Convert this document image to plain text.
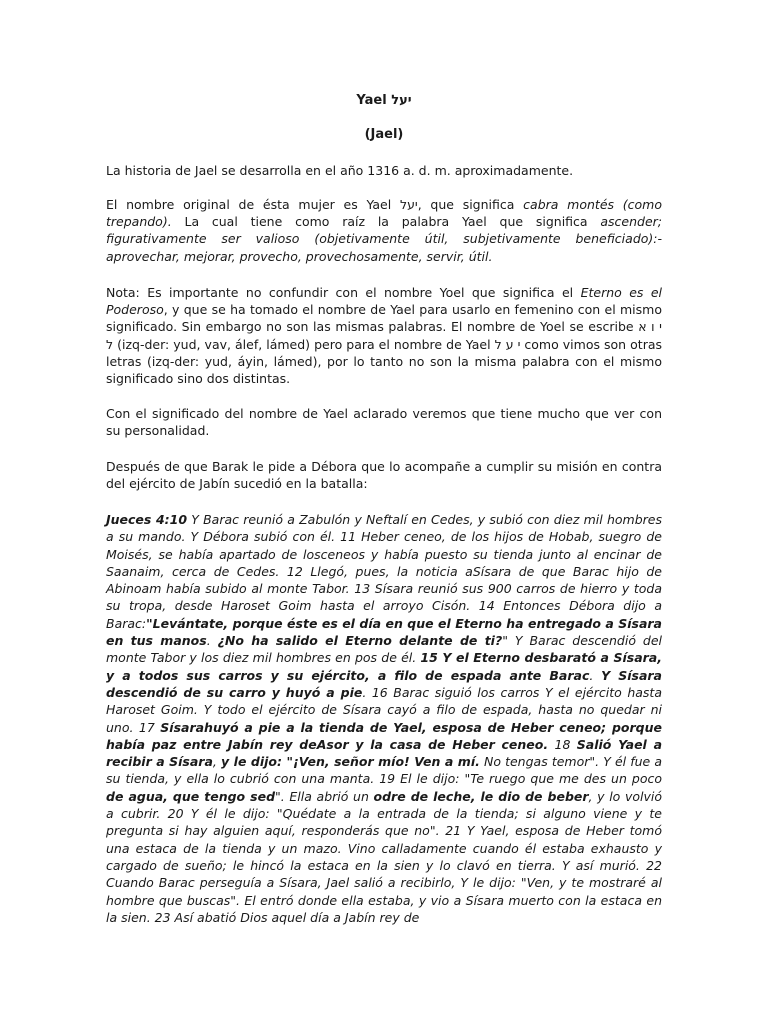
Yael יעל
(Jael)

La historia de Jael se desarrolla en el año 1316 a. d. m. aproximadamente.

El nombre original de ésta mujer es Yael יעל, que significa cabra montés (como trepando). La cual tiene como raíz la palabra Yael que significa ascender; figurativamente ser valioso (objetivamente útil, subjetivamente beneficiado):-aprovechar, mejorar, provecho, provechosamente, servir, útil.

Nota: Es importante no confundir con el nombre Yoel que significa el Eterno es el Poderoso, y que se ha tomado el nombre de Yael para usarlo en femenino con el mismo significado. Sin embargo no son las mismas palabras. El nombre de Yoel se escribe י ו א ל (izq-der: yud, vav, álef, lámed) pero para el nombre de Yael י ע ל como vimos son otras letras (izq-der: yud, áyin, lámed), por lo tanto no son la misma palabra con el mismo significado sino dos distintas.

Con el significado del nombre de Yael aclarado veremos que tiene mucho que ver con su personalidad.

Después de que Barak le pide a Débora que lo acompañe a cumplir su misión en contra del ejército de Jabín sucedió en la batalla:

Jueces 4:10 Y Barac reunió a Zabulón y Neftalí en Cedes, y subió con diez mil hombres a su mando. Y Débora subió con él. 11 Heber ceneo, de los hijos de Hobab, suegro de Moisés, se había apartado de losceneos y había puesto su tienda junto al encinar de Saanaim, cerca de Cedes. 12 Llegó, pues, la noticia aSísara de que Barac hijo de Abinoam había subido al monte Tabor. 13 Sísara reunió sus 900 carros de hierro y toda su tropa, desde Haroset Goim hasta el arroyo Cisón. 14 Entonces Débora dijo a Barac:"Levántate, porque éste es el día en que el Eterno ha entregado a Sísara en tus manos. ¿No ha salido el Eterno delante de ti?" Y Barac descendió del monte Tabor y los diez mil hombres en pos de él. 15 Y el Eterno desbarató a Sísara, y a todos sus carros y su ejército, a filo de espada ante Barac. Y Sísara descendió de su carro y huyó a pie. 16 Barac siguió los carros Y el ejército hasta Haroset Goim. Y todo el ejército de Sísara cayó a filo de espada, hasta no quedar ni uno. 17 Sísarahuyó a pie a la tienda de Yael, esposa de Heber ceneo; porque había paz entre Jabín rey deAsor y la casa de Heber ceneo. 18 Salió Yael a recibir a Sísara, y le dijo: "¡Ven, señor mío! Ven a mí. No tengas temor". Y él fue a su tienda, y ella lo cubrió con una manta. 19 El le dijo: "Te ruego que me des un poco de agua, que tengo sed". Ella abrió un odre de leche, le dio de beber, y lo volvió a cubrir. 20 Y él le dijo: "Quédate a la entrada de la tienda; si alguno viene y te pregunta si hay alguien aquí, responderás que no". 21 Y Yael, esposa de Heber tomó una estaca de la tienda y un mazo. Vino calladamente cuando él estaba exhausto y cargado de sueño; le hincó la estaca en la sien y lo clavó en tierra. Y así murió. 22 Cuando Barac perseguía a Sísara, Jael salió a recibirlo, Y le dijo: "Ven, y te mostraré al hombre que buscas". El entró donde ella estaba, y vio a Sísara muerto con la estaca en la sien. 23 Así abatió Dios aquel día a Jabín rey de
